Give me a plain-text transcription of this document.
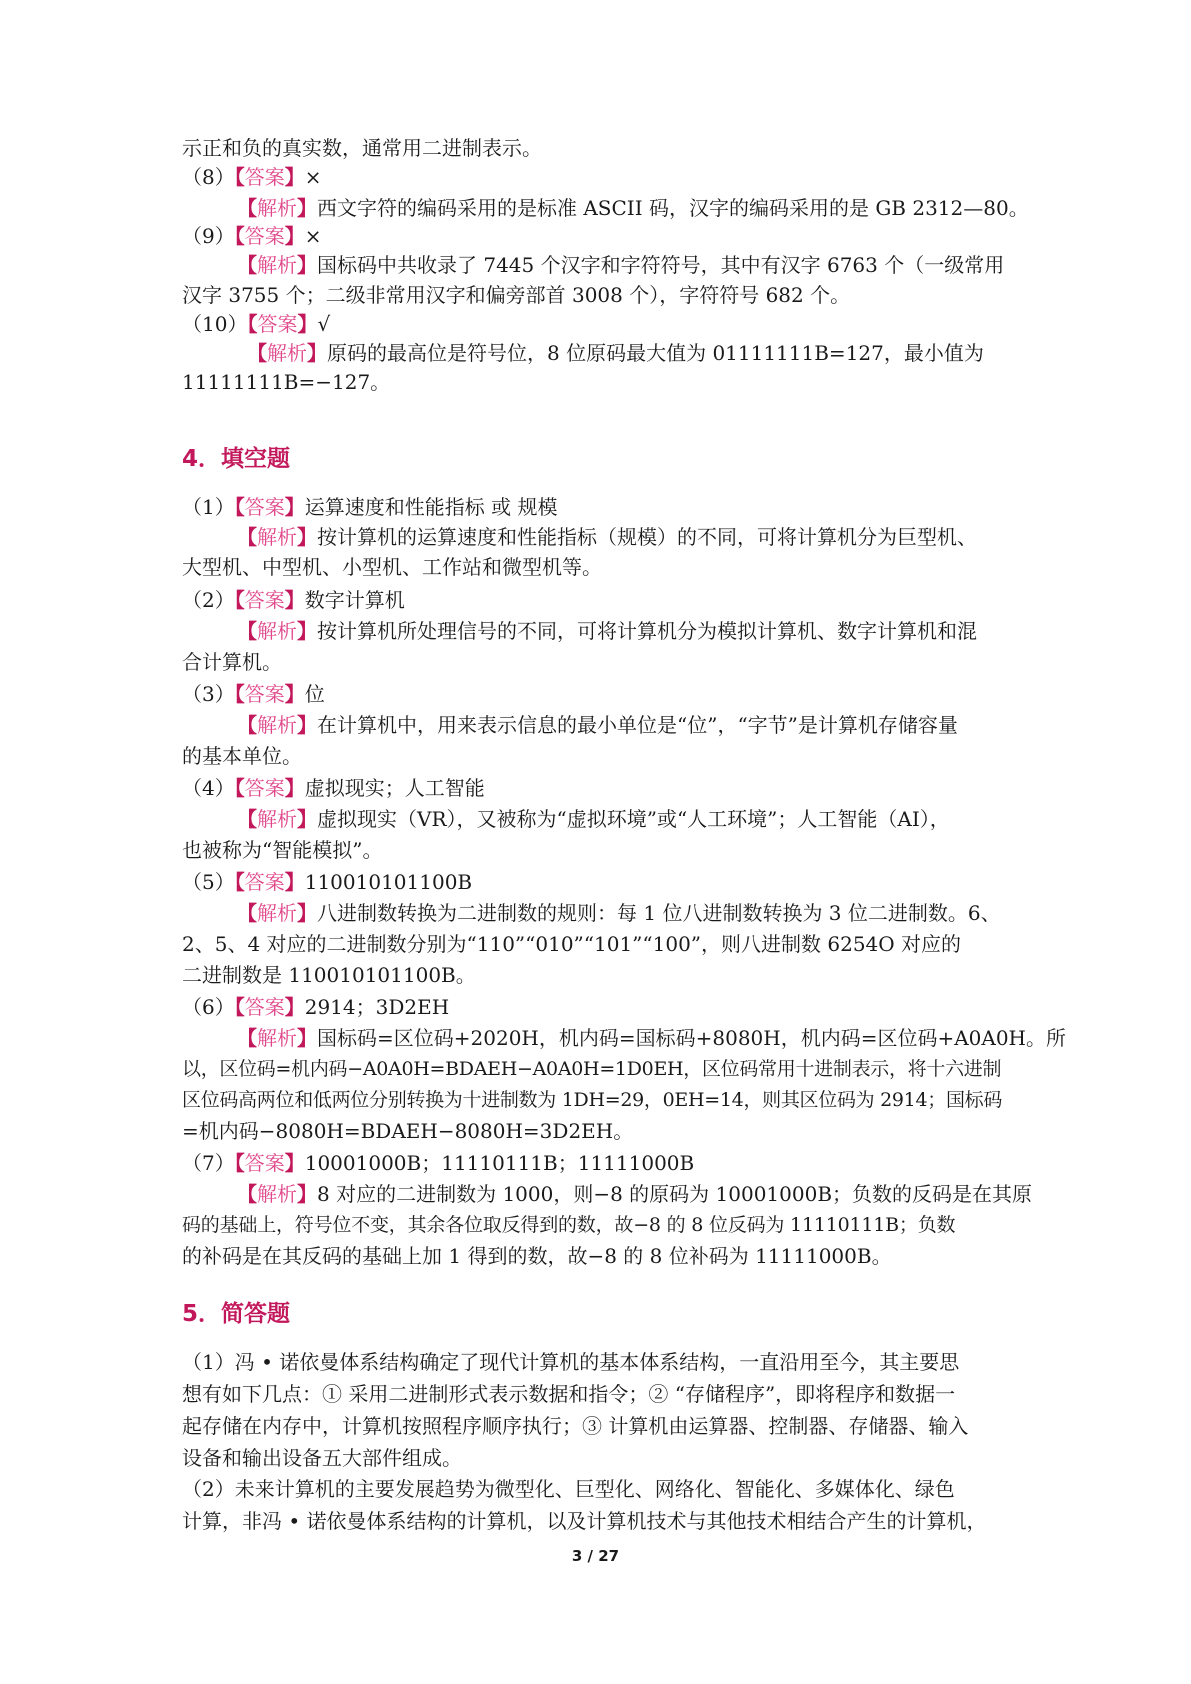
示正和负的真实数，通常用二进制表示。
（8）【答案】×
【解析】西文字符的编码采用的是标准 ASCII 码，汉字的编码采用的是 GB 2312—80。
（9）【答案】×
【解析】国标码中共收录了 7445 个汉字和字符符号，其中有汉字 6763 个（一级常用
汉字 3755 个；二级非常用汉字和偏旁部首 3008 个），字符符号 682 个。
（10）【答案】√
【解析】原码的最高位是符号位，8 位原码最大值为 01111111B=127，最小值为
11111111B=−127。
4．填空题
（1）【答案】运算速度和性能指标 或 规模
【解析】按计算机的运算速度和性能指标（规模）的不同，可将计算机分为巨型机、
大型机、中型机、小型机、工作站和微型机等。
（2）【答案】数字计算机
【解析】按计算机所处理信号的不同，可将计算机分为模拟计算机、数字计算机和混
合计算机。
（3）【答案】位
【解析】在计算机中，用来表示信息的最小单位是“位”，“字节”是计算机存储容量
的基本单位。
（4）【答案】虚拟现实；人工智能
【解析】虚拟现实（VR），又被称为“虚拟环境”或“人工环境”；人工智能（AI），
也被称为“智能模拟”。
（5）【答案】110010101100B
【解析】八进制数转换为二进制数的规则：每 1 位八进制数转换为 3 位二进制数。6、
2、5、4 对应的二进制数分别为“110”“010”“101”“100”，则八进制数 6254O 对应的
二进制数是 110010101100B。
（6）【答案】2914；3D2EH
【解析】国标码=区位码+2020H，机内码=国标码+8080H，机内码=区位码+A0A0H。所
以，区位码=机内码−A0A0H=BDAEH−A0A0H=1D0EH，区位码常用十进制表示，将十六进制
区位码高两位和低两位分别转换为十进制数为 1DH=29，0EH=14，则其区位码为 2914；国标码
=机内码−8080H=BDAEH−8080H=3D2EH。
（7）【答案】10001000B；11110111B；11111000B
【解析】8 对应的二进制数为 1000，则−8 的原码为 10001000B；负数的反码是在其原
码的基础上，符号位不变，其余各位取反得到的数，故−8 的 8 位反码为 11110111B；负数
的补码是在其反码的基础上加 1 得到的数，故−8 的 8 位补码为 11111000B。
5．简答题
（1）冯 • 诺依曼体系结构确定了现代计算机的基本体系结构，一直沿用至今，其主要思
想有如下几点：① 采用二进制形式表示数据和指令；② “存储程序”，即将程序和数据一
起存储在内存中，计算机按照程序顺序执行；③ 计算机由运算器、控制器、存储器、输入
设备和输出设备五大部件组成。
（2）未来计算机的主要发展趋势为微型化、巨型化、网络化、智能化、多媒体化、绿色
计算，非冯 • 诺依曼体系结构的计算机，以及计算机技术与其他技术相结合产生的计算机，
3 / 27
